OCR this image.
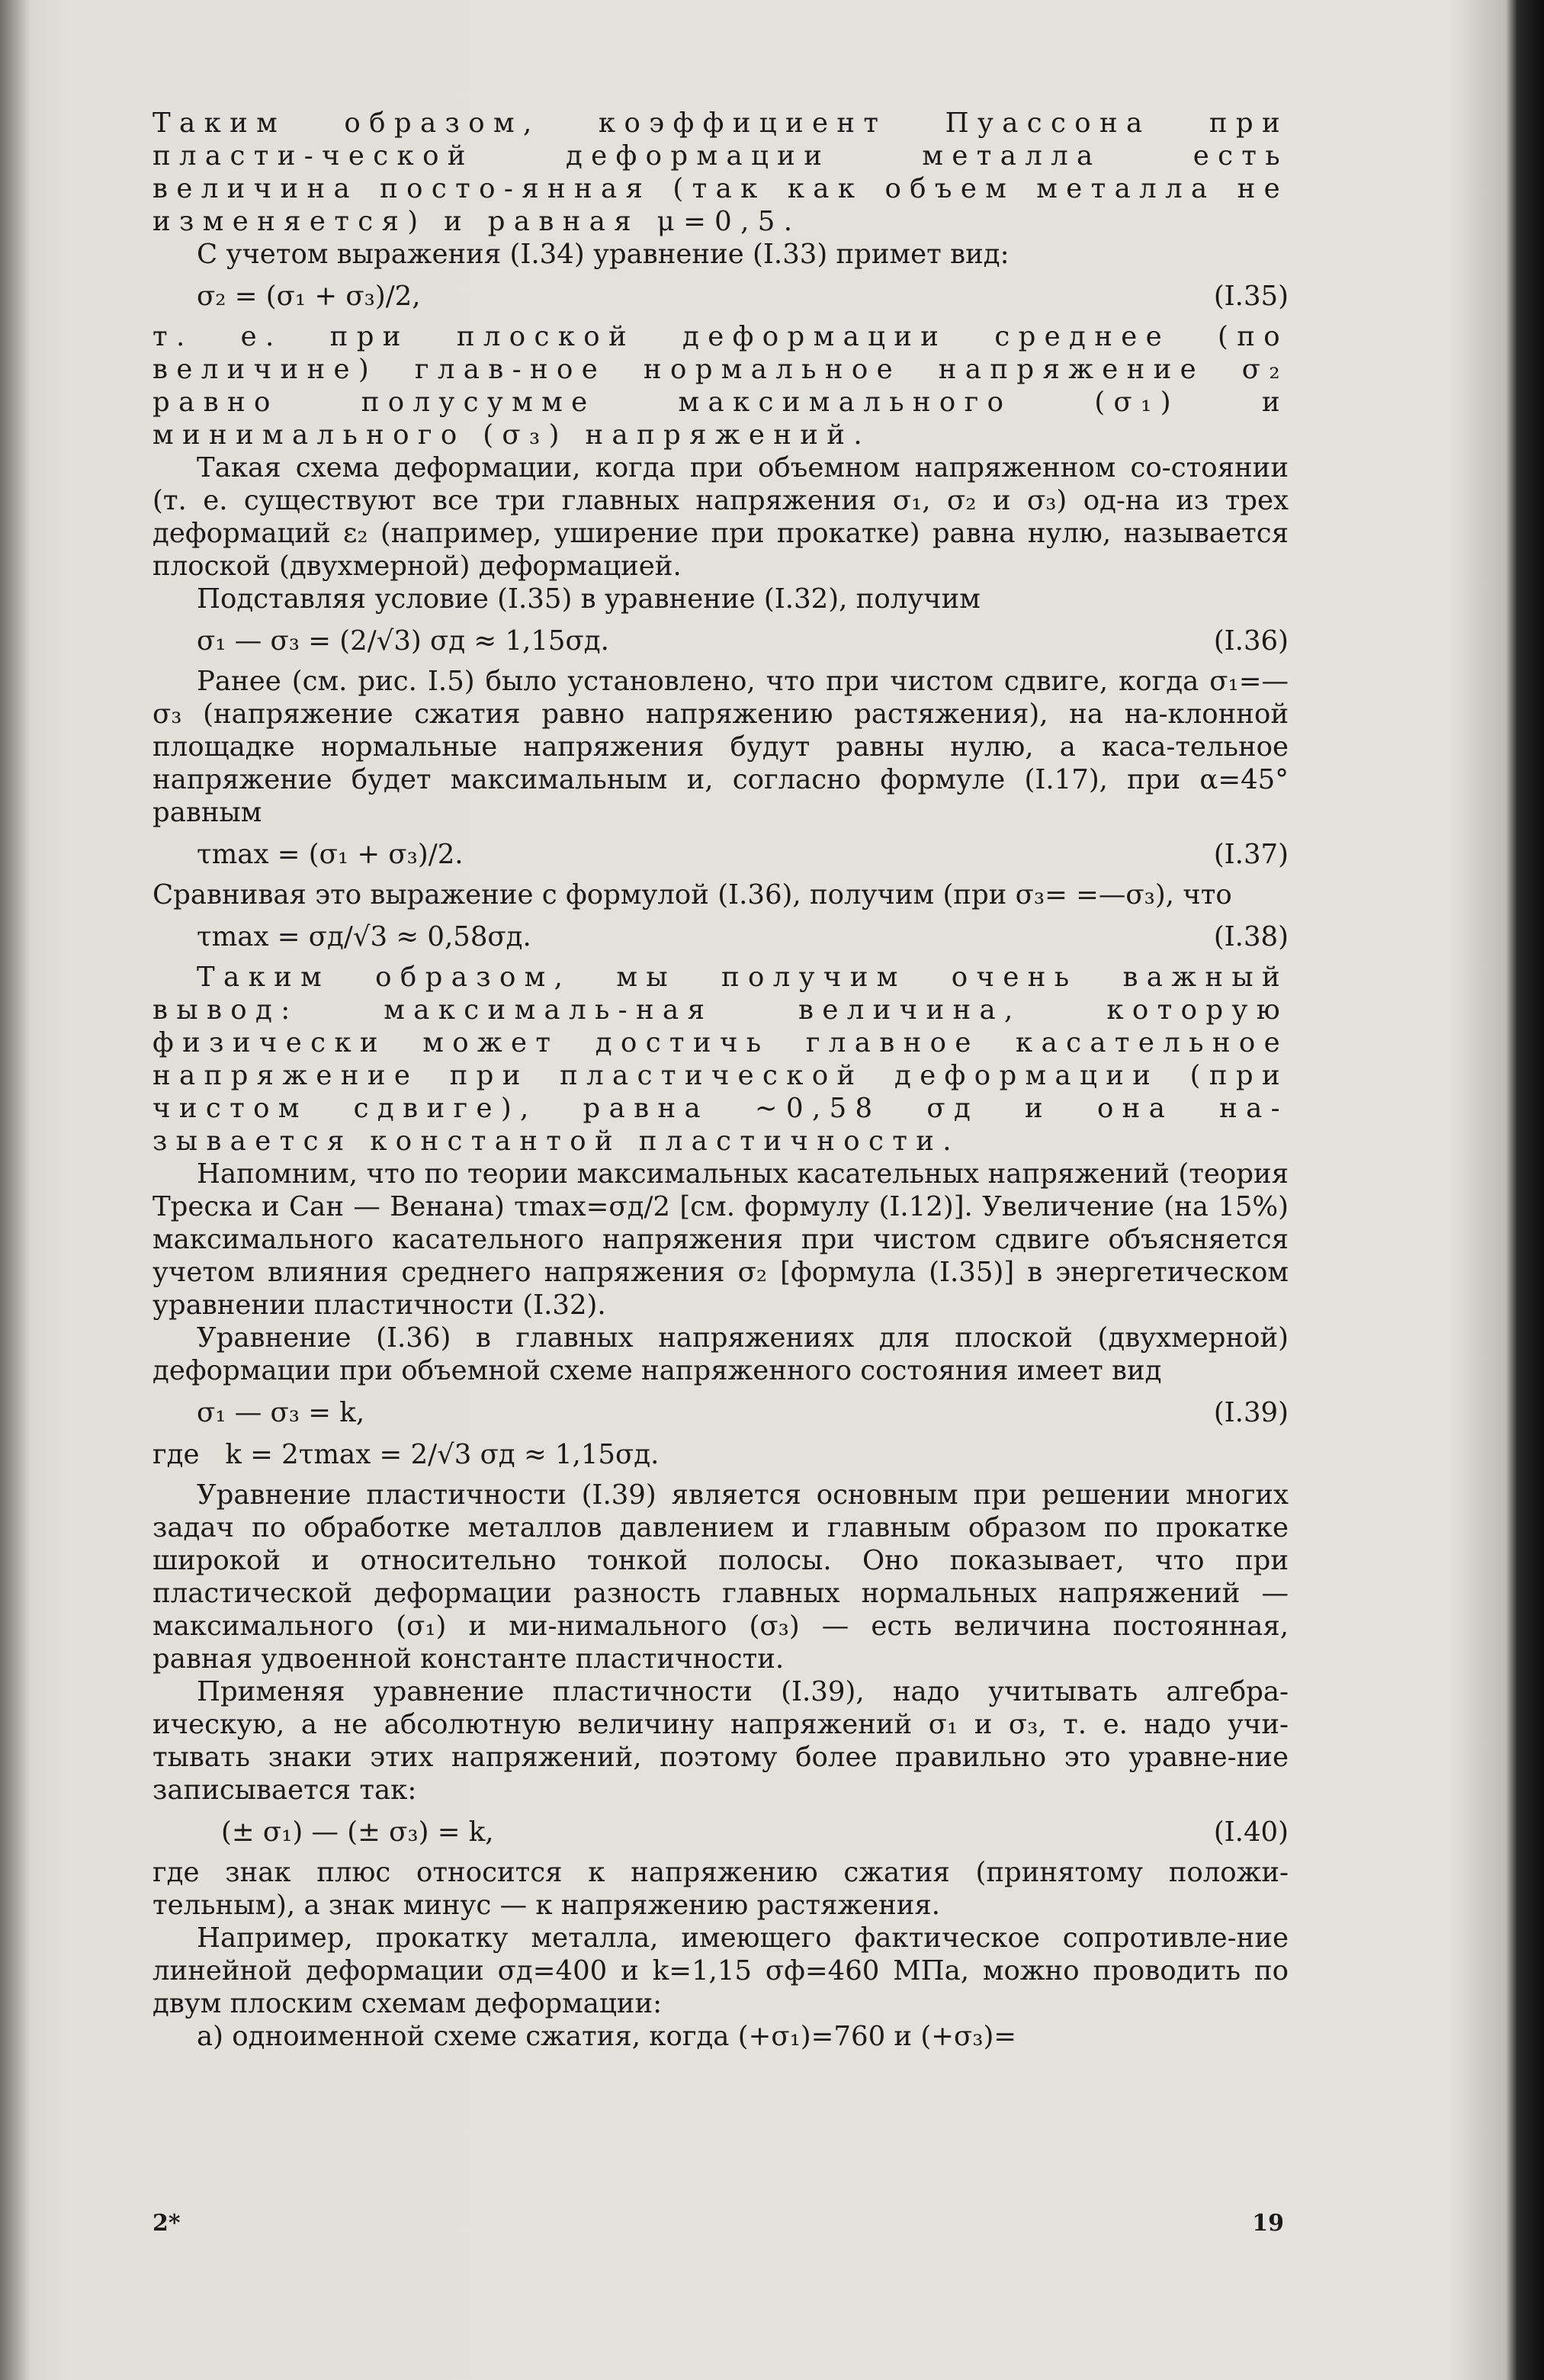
Таким образом, коэффициент Пуассона при пласти-ческой деформации металла есть величина посто-янная (так как объем металла не изменяется) и равная μ=0,5.

С учетом выражения (I.34) уравнение (I.33) примет вид:

σ₂ = (σ₁ + σ₃)/2,	(I.35)

т. е. при плоской деформации среднее (по величине) глав-ное нормальное напряжение σ₂ равно полусумме максимального (σ₁) и минимального (σ₃) напряжений.

Такая схема деформации, когда при объемном напряженном со-стоянии (т. е. существуют все три главных напряжения σ₁, σ₂ и σ₃) од-на из трех деформаций ε₂ (например, уширение при прокатке) равна нулю, называется плоской (двухмерной) деформацией.

Подставляя условие (I.35) в уравнение (I.32), получим

σ₁ — σ₃ = (2/√3) σд ≈ 1,15σд.	(I.36)

Ранее (см. рис. I.5) было установлено, что при чистом сдвиге, когда σ₁=—σ₃ (напряжение сжатия равно напряжению растяжения), на на-клонной площадке нормальные напряжения будут равны нулю, а каса-тельное напряжение будет максимальным и, согласно формуле (I.17), при α=45° равным

τmax = (σ₁ + σ₃)/2.	(I.37)

Сравнивая это выражение с формулой (I.36), получим (при σ₃= =—σ₃), что

τmax = σд/√3 ≈ 0,58σд.	(I.38)

Таким образом, мы получим очень важный вывод: максималь-ная величина, которую физически может достичь главное касательное напряжение при пластической деформации (при чистом сдвиге), равна ~0,58 σд и она на-зывается константой пластичности.

Напомним, что по теории максимальных касательных напряжений (теория Треска и Сан — Венана) τmax=σд/2 [см. формулу (I.12)]. Увеличение (на 15%) максимального касательного напряжения при чистом сдвиге объясняется учетом влияния среднего напряжения σ₂ [формула (I.35)] в энергетическом уравнении пластичности (I.32).

Уравнение (I.36) в главных напряжениях для плоской (двухмерной) деформации при объемной схеме напряженного состояния имеет вид

σ₁ — σ₃ = k,	(I.39)
где   k = 2τmax = 2/√3 σд ≈ 1,15σд.

Уравнение пластичности (I.39) является основным при решении многих задач по обработке металлов давлением и главным образом по прокатке широкой и относительно тонкой полосы. Оно показывает, что при пластической деформации разность главных нормальных напряжений — максимального (σ₁) и ми-нимального (σ₃) — есть величина постоянная, равная удвоенной константе пластичности.

Применяя уравнение пластичности (I.39), надо учитывать алгебра-ическую, а не абсолютную величину напряжений σ₁ и σ₃, т. е. надо учи-тывать знаки этих напряжений, поэтому более правильно это уравне-ние записывается так:

(± σ₁) — (± σ₃) = k,	(I.40)

где знак плюс относится к напряжению сжатия (принятому положи-тельным), а знак минус — к напряжению растяжения.

Например, прокатку металла, имеющего фактическое сопротивле-ние линейной деформации σд=400 и k=1,15 σф=460 МПа, можно проводить по двум плоским схемам деформации:

а) одноименной схеме сжатия, когда (+σ₁)=760 и (+σ₃)=

2*	19
